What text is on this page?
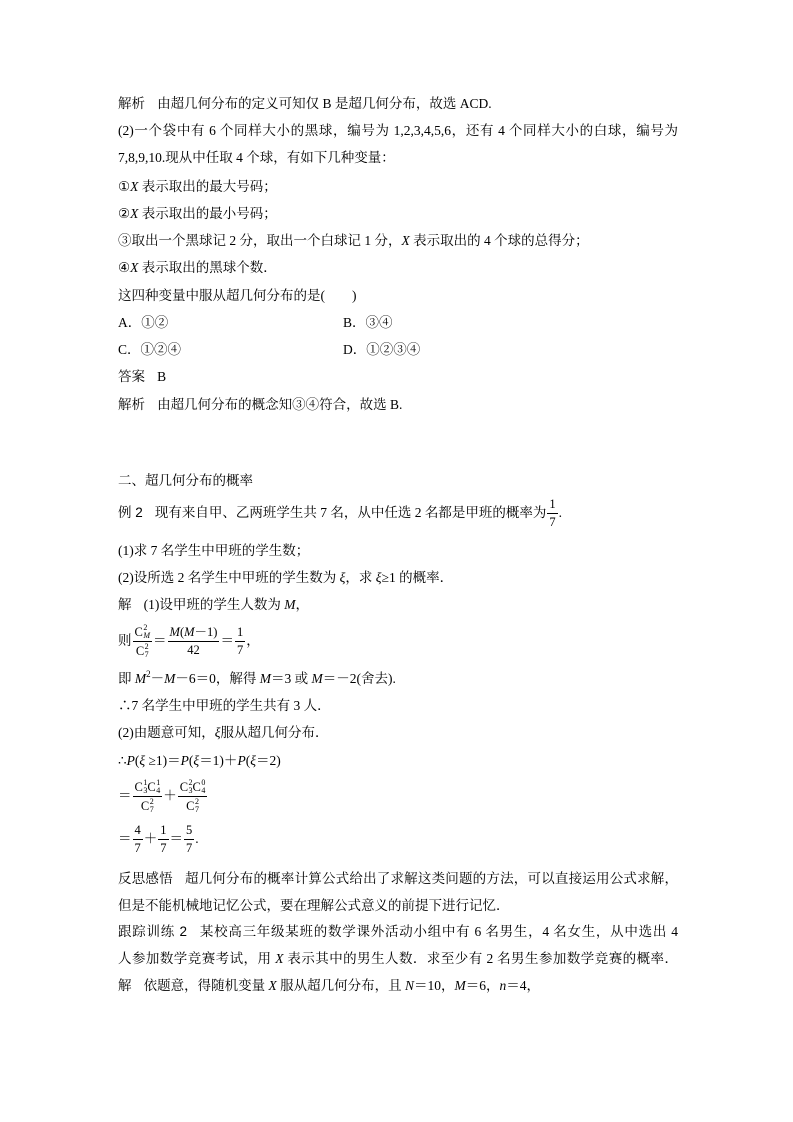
解析 由超几何分布的定义可知仅 B 是超几何分布，故选 ACD.
(2)一个袋中有 6 个同样大小的黑球，编号为 1,2,3,4,5,6，还有 4 个同样大小的白球，编号为
7,8,9,10.现从中任取 4 个球，有如下几种变量：
①X 表示取出的最大号码；
②X 表示取出的最小号码；
③取出一个黑球记 2 分，取出一个白球记 1 分，X 表示取出的 4 个球的总得分；
④X 表示取出的黑球个数．
这四种变量中服从超几何分布的是(　　)
A．①②	B．③④
C．①②④	D．①②③④
答案 B
解析 由超几何分布的概念知③④符合，故选 B.
二、超几何分布的概率
例 2 现有来自甲、乙两班学生共 7 名，从中任选 2 名都是甲班的概率为 $\frac{1}{7}$ .
(1)求 7 名学生中甲班的学生数；
(2)设所选 2 名学生中甲班的学生数为 ξ，求 ξ≥1 的概率．
解 (1)设甲班的学生人数为 M，
则 C 2
M
C 2
$7 = \frac{M ( M -1)}{42} = \frac{1}{7}$ ，
即 $M^2-M-6=0$，解得 M＝3 或 M＝－2(舍去).
∴7 名学生中甲班的学生共有 3 人．
(2)由题意可知，ξ服从超几何分布．
∴P(ξ ≥1)＝P(ξ＝1)＋P(ξ＝2)
＝ C 1
3 C 1
4
C 2
7 ＋ C 2
3 C 0
4
C 2
7
＝ $\frac{4}{7} + \frac{1}{7} = \frac{5}{7}$ .
反思感悟 超几何分布的概率计算公式给出了求解这类问题的方法，可以直接运用公式求解，
但是不能机械地记忆公式，要在理解公式意义的前提下进行记忆．
跟踪训练 2 某校高三年级某班的数学课外活动小组中有 6 名男生，4 名女生，从中选出 4
人参加数学竞赛考试，用 X 表示其中的男生人数．求至少有 2 名男生参加数学竞赛的概率．
解 依题意，得随机变量 X 服从超几何分布，且 N＝10，M＝6，n＝4，
